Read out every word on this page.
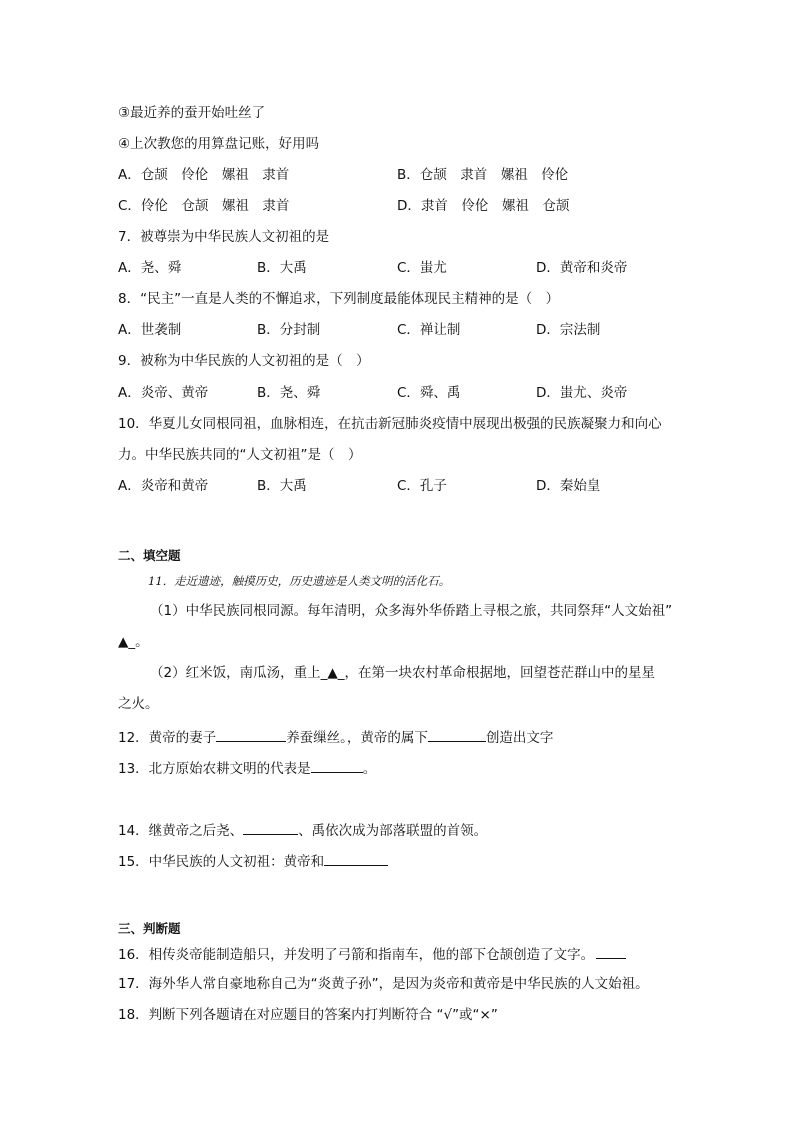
③最近养的蚕开始吐丝了
④上次教您的用算盘记账，好用吗
A．仓颉　伶伦　嫘祖　隶首	B．仓颉　隶首　嫘祖　伶伦
C．伶伦　仓颉　嫘祖　隶首	D．隶首　伶伦　嫘祖　仓颉
7．被尊崇为中华民族人文初祖的是
A．尧、舜	B．大禹	C．蚩尤	D．黄帝和炎帝
8．“民主”一直是人类的不懈追求，下列制度最能体现民主精神的是（　）
A．世袭制	B．分封制	C．禅让制	D．宗法制
9．被称为中华民族的人文初祖的是（　）
A．炎帝、黄帝	B．尧、舜	C．舜、禹	D．蚩尤、炎帝
10．华夏儿女同根同祖，血脉相连，在抗击新冠肺炎疫情中展现出极强的民族凝聚力和向心
力。中华民族共同的“人文初祖”是（　）
A．炎帝和黄帝	B．大禹	C．孔子	D．秦始皇
二、填空题
11．走近遗迹，触摸历史，历史遗迹是人类文明的活化石。
（1）中华民族同根同源。每年清明，众多海外华侨踏上寻根之旅，共同祭拜“人文始祖”
▲_。
（2）红米饭，南瓜汤，重上_▲_，在第一块农村革命根据地，回望苍茫群山中的星星
之火。
12．黄帝的妻子	养蚕缫丝。，黄帝的属下	创造出文字
13．北方原始农耕文明的代表是	。
14．继黄帝之后尧、	、禹依次成为部落联盟的首领。
15．中华民族的人文初祖：黄帝和
三、判断题
16．相传炎帝能制造船只，并发明了弓箭和指南车，他的部下仓颉创造了文字。
17．海外华人常自豪地称自己为“炎黄子孙”，是因为炎帝和黄帝是中华民族的人文始祖。
18．判断下列各题请在对应题目的答案内打判断符合 “√”或“×”
